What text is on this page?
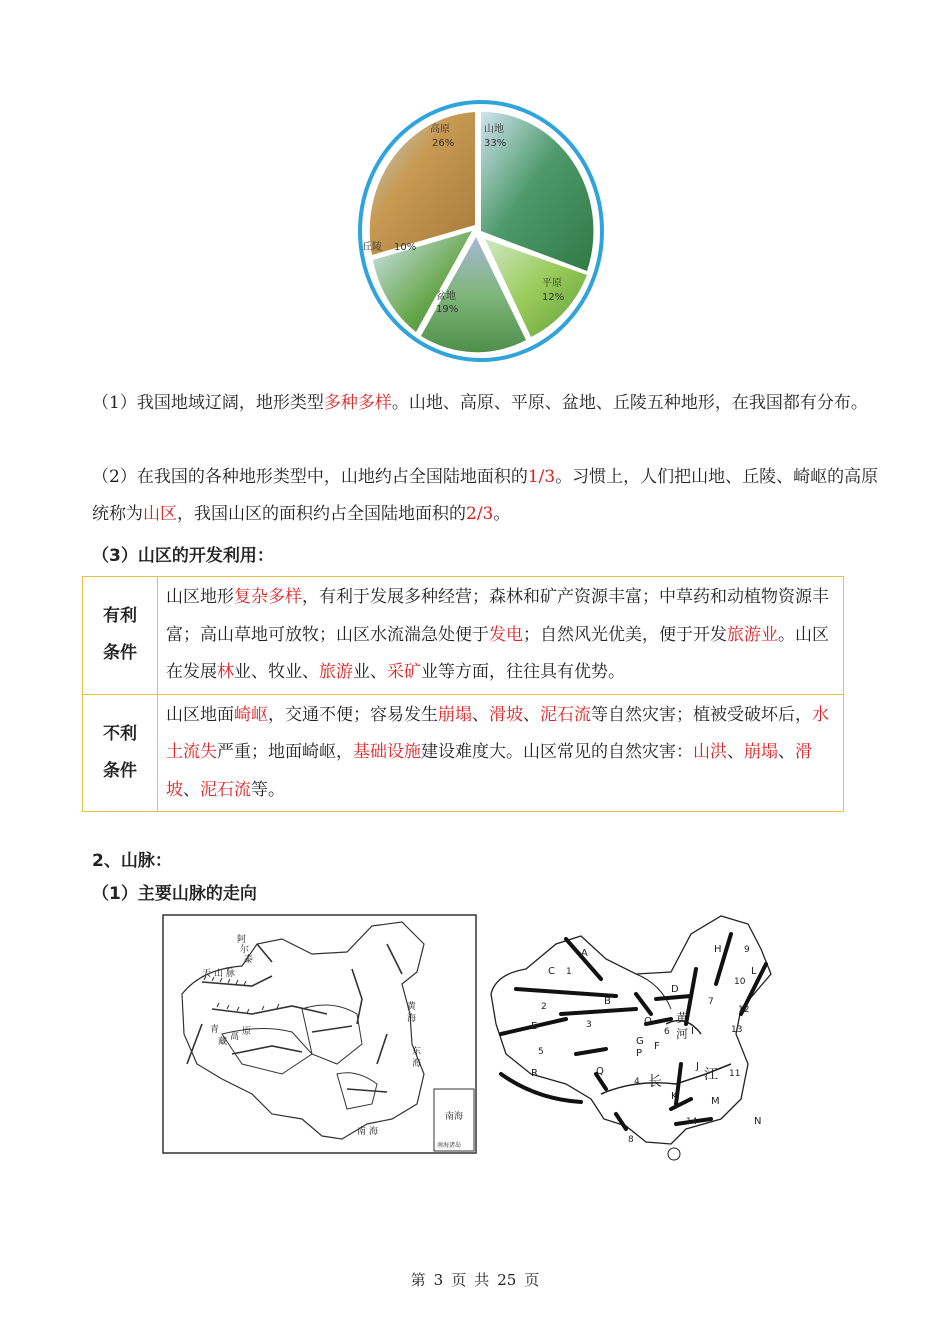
高原
26%
山地
33%
丘陵 10%
盆地
19%
平原
12%

（1）我国地域辽阔，地形类型多种多样。山地、高原、平原、盆地、丘陵五种地形，在我国都有分布。

（2）在我国的各种地形类型中，山地约占全国陆地面积的1/3。习惯上，人们把山地、丘陵、崎岖的高原统称为山区，我国山区的面积约占全国陆地面积的2/3。

（3）山区的开发利用：
有利
条件	山区地形复杂多样，有利于发展多种经营；森林和矿产资源丰富；中草药和动植物资源丰富；高山草地可放牧；山区水流湍急处便于发电；自然风光优美，便于开发旅游业。山区在发展林业、牧业、旅游业、采矿业等方面，往往具有优势。
不利
条件	山区地面崎岖，交通不便；容易发生崩塌、滑坡、泥石流等自然灾害；植被受破坏后，水土流失严重；地面崎岖，基础设施建设难度大。山区常见的自然灾害：山洪、崩塌、滑坡、泥石流等。
2、山脉：
（1）主要山脉的走向
天 山 脉
阿
尔
泰
青
藏 高 原
黄
海
东
海
南 海
南海
南海诸岛
A
B
C
D
E
F
G
H
I
J
K
L
M
N
O
P
Q
R
1
2
3
4
5
6
7
8
9
10
11
12
13
14
黄
河
长	江
第 3 页 共 25 页
